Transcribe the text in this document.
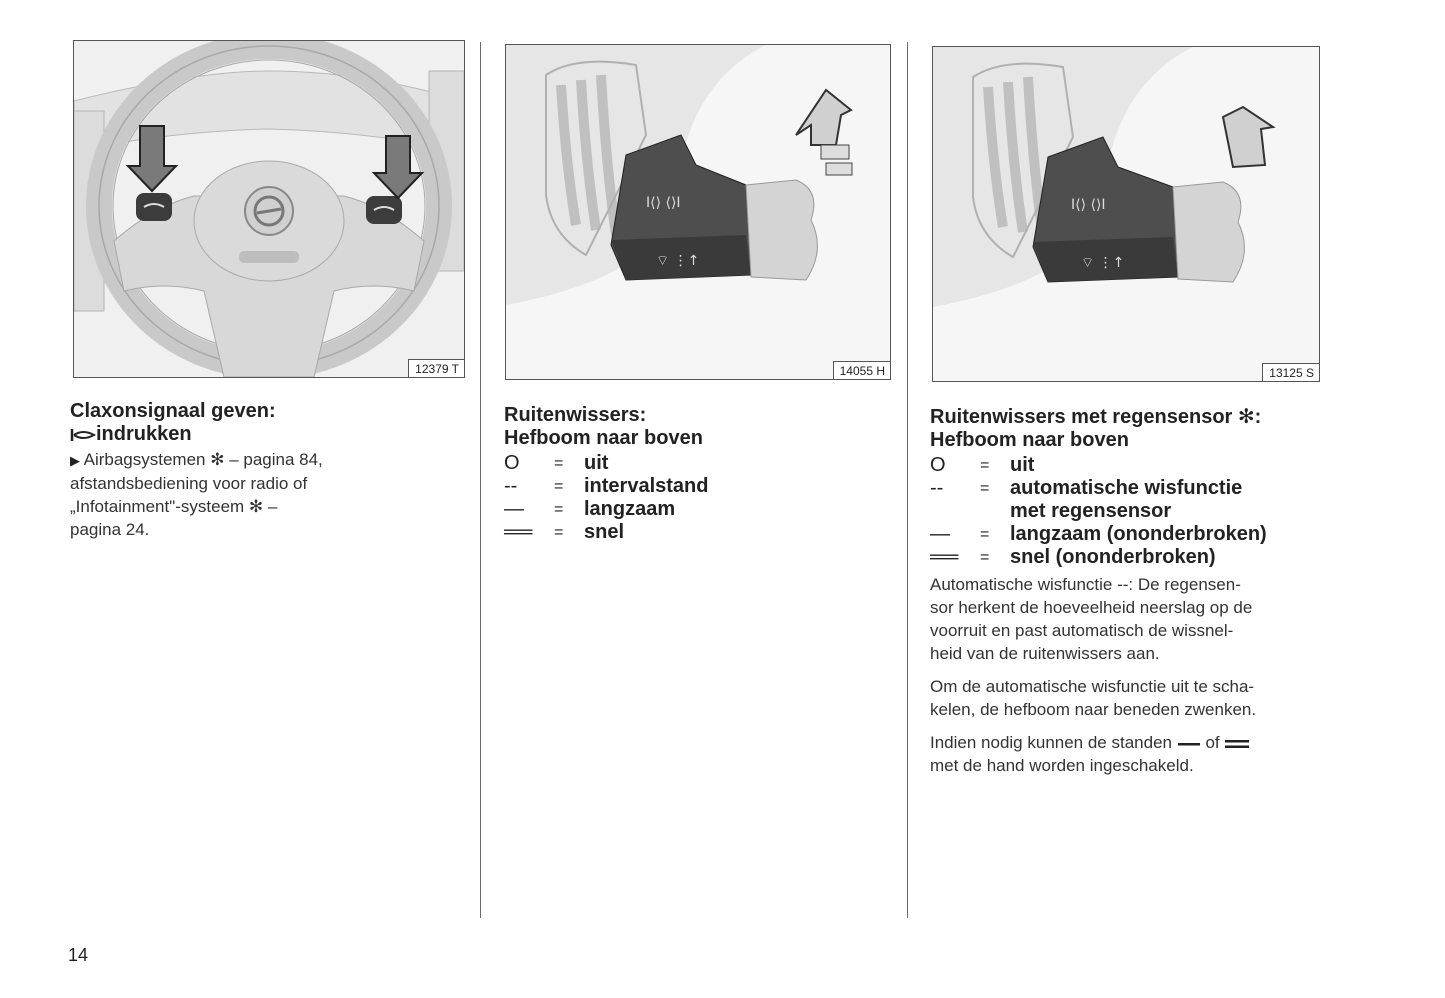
12379 T
I⟨⟩ ⟨⟩I
⌔ ⋮↑
14055 H
I⟨⟩ ⟨⟩I
⌔ ⋮↑
13125 S
Claxonsignaal geven:
indrukken
▶ Airbagsystemen ✻ – pagina 84,
afstandsbediening voor radio of
„Infotainment"-systeem ✻ –
pagina 24.
Ruitenwissers:
Hefboom naar boven
O	=	uit
--	=	intervalstand
—	=	langzaam
══	=	snel
Ruitenwissers met regensensor ✻:
Hefboom naar boven
O	=	uit
--	=	automatische wisfunctie
met regensensor
—	=	langzaam (ononderbroken)
══	=	snel (ononderbroken)

Automatische wisfunctie --: De regensen-
sor herkent de hoeveelheid neerslag op de
voorruit en past automatisch de wissnel-
heid van de ruitenwissers aan.

Om de automatische wisfunctie uit te scha-
kelen, de hefboom naar beneden zwenken.

Indien nodig kunnen de standen of
met de hand worden ingeschakeld.

14
